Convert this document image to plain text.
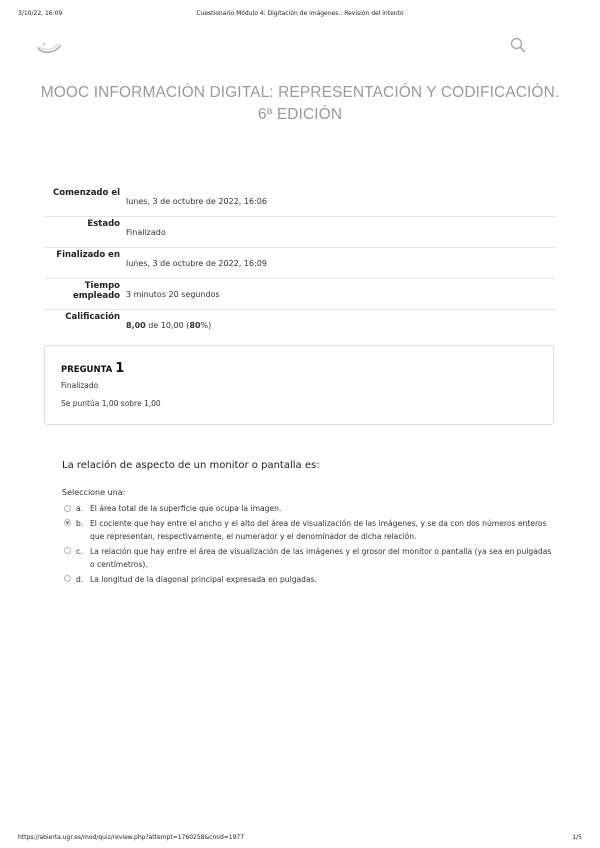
3/10/22, 16:09	Cuestionario Módulo 4: Digitación de imágenes.: Revisión del intento
MOOC INFORMACIÓN DIGITAL: REPRESENTACIÓN Y CODIFICACIÓN. 6ª EDICIÓN
Comenzado el
lunes, 3 de octubre de 2022, 16:06
Estado
Finalizado
Finalizado en
lunes, 3 de octubre de 2022, 16:09
Tiempo empleado 3 minutos 20 segundos
Calificación
8,00 de 10,00 (80%)
PREGUNTA 1
Finalizado
Se puntúa 1,00 sobre 1,00
La relación de aspecto de un monitor o pantalla es:
Seleccione una:
a. El área total de la superficie que ocupa la imagen.
b. El cociente que hay entre el ancho y el alto del área de visualización de las imágenes, y se da con dos números enteros que representan, respectivamente, el numerador y el denominador de dicha relación.
c. La relación que hay entre el área de visualización de las imágenes y el grosor del monitor o pantalla (ya sea en pulgadas o centímetros).
d. La longitud de la diagonal principal expresada en pulgadas.
https://abierta.ugr.es/mod/quiz/review.php?attempt=1760258&cmid=1977	1/5
